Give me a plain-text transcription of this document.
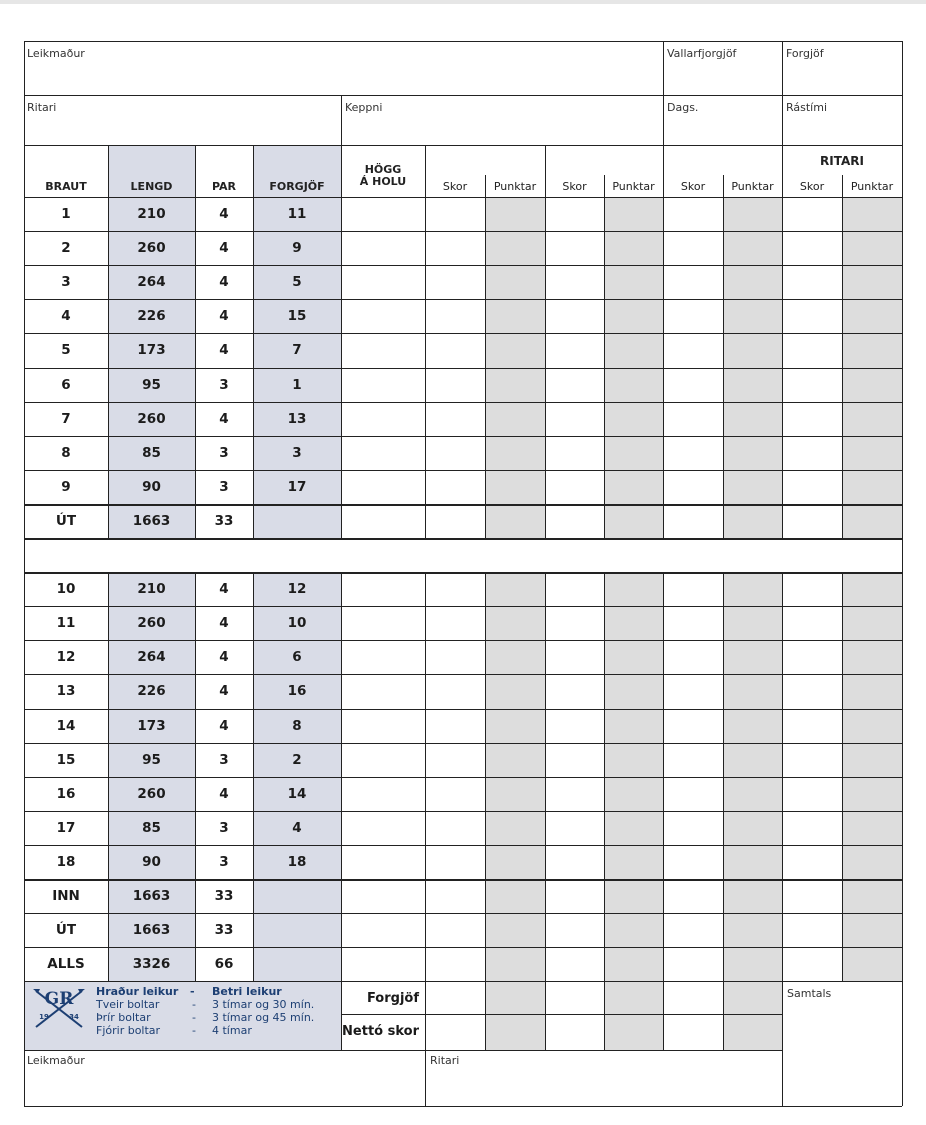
Leikmaður	Vallarfjorgjöf	Forgjöf
Ritari	Keppni	Dags.	Rástími
BRAUT	LENGD	PAR	FORGJÖF
HÖGG
Á HOLU
RITARI
Skor	Punktar	Skor	Punktar	Skor	Punktar	Skor	Punktar
1	210	4	11
2	260	4	9
3	264	4	5
4	226	4	15
5	173	4	7
6	95	3	1
7	260	4	13
8	85	3	3
9	90	3	17
ÚT	1663	33
10	210	4	12
11	260	4	10
12	264	4	6
13	226	4	16
14	173	4	8
15	95	3	2
16	260	4	14
17	85	3	4
18	90	3	18
INN	1663	33
ÚT	1663	33
ALLS	3326	66
Forgjöf
Nettó skor
Samtals
Leikmaður	Ritari
Hraður leikur - Betri leikur
Tveir boltar	- 3 tímar og 30 mín.
Þrír boltar	- 3 tímar og 45 mín.
Fjórir boltar	- 4 tímar
GR
19	34
